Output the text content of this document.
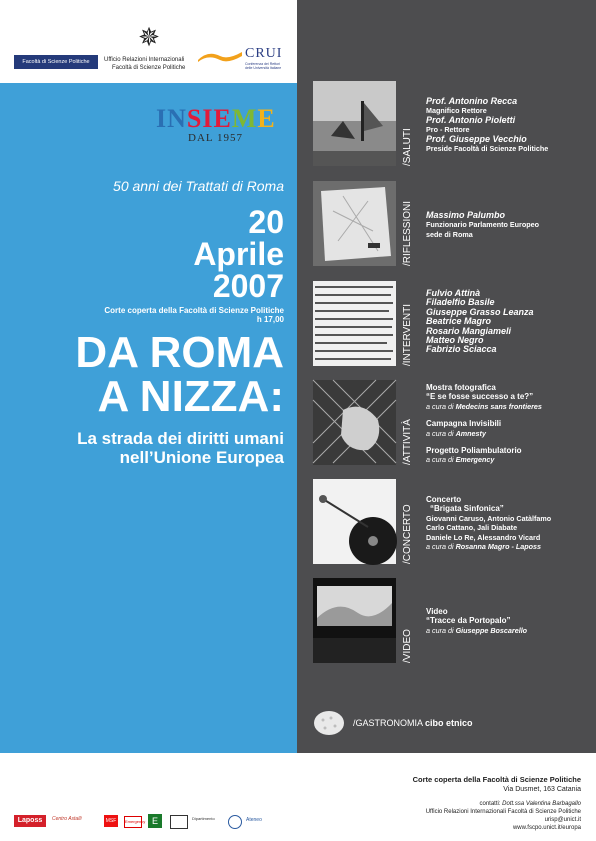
Facoltà di Scienze Politiche
✵
Ufficio Relazioni Internazionali
Facoltà di Scienze Politiche
CRUI
Conferenza dei Rettori delle Università Italiane
INSIEME
DAL 1957
50 anni dei Trattati di Roma
20
Aprile
2007
Corte coperta della Facoltà di Scienze Politiche
h 17,00
DA ROMA
A NIZZA:
La strada dei diritti umani
nell’Unione Europea
/SALUTI
/RIFLESSIONI
/INTERVENTI
/ATTIVITÀ
/CONCERTO
/VIDEO
Prof. Antonino Recca
Magnifico Rettore
Prof. Antonio Pioletti
Pro - Rettore
Prof. Giuseppe Vecchio
Preside Facoltà di Scienze Politiche
Massimo Palumbo
Funzionario Parlamento Europeo
sede di Roma
Fulvio Attinà
Filadelfio Basile
Giuseppe Grasso Leanza
Beatrice Magro
Rosario Mangiameli
Matteo Negro
Fabrizio Sciacca
Mostra fotografica
“E se fosse successo a te?”
a cura di Medecins sans frontieres
Campagna Invisibili
a cura di Amnesty
Progetto Poliambulatorio
a cura di Emergency
Concerto
“Brigata Sinfonica”
Giovanni Caruso, Antonio Catàlfamo
Carlo Cattano, Jali Diabate
Daniele Lo Re, Alessandro Vicard
a cura di Rosanna Magro - Laposs
Video
“Tracce da Portopalo”
a cura di Giuseppe Boscarello
/GASTRONOMIA cibo etnico
Corte coperta della Facoltà di Scienze Politiche
Via Dusmet, 163 Catania
contatti: Dott.ssa Valentina Barbagallo
Ufficio Relazioni Internazionali Facoltà di Scienze Politiche
urisp@unict.it
www.fscpo.unict.it/europa
Laposs	Centro Astalli	MSF	Emergency E	Dipartimento	Ateneo
